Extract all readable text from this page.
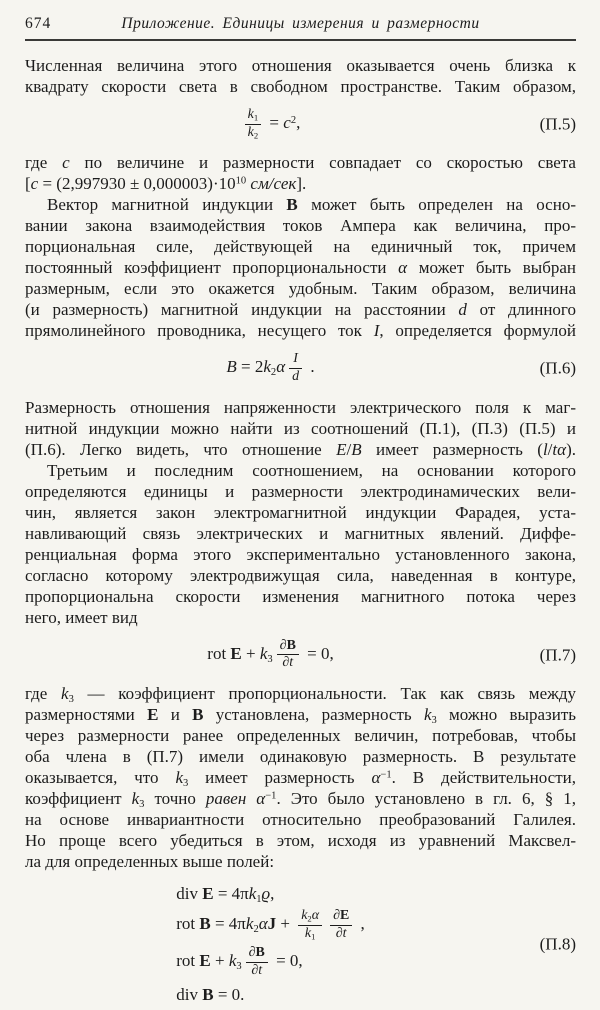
674	Приложение. Единицы измерения и размерности
Численная величина этого отношения оказывается очень близка к
квадрату скорости света в свободном пространстве. Таким образом,
$\frac{k_1}{k_2} = c^2$,	(П.5)
где c по величине и размерности совпадает со скоростью света
[$c = (2,997930 \pm 0,000003)\cdot 10^{10}$ см/сек].
Вектор магнитной индукции B может быть определен на осно-
вании закона взаимодействия токов Ампера как величина, про-
порциональная силе, действующей на единичный ток, причем
постоянный коэффициент пропорциональности α может быть выбран
размерным, если это окажется удобным. Таким образом, величина
(и размерность) магнитной индукции на расстоянии d от длинного
прямолинейного проводника, несущего ток I, определяется формулой
$B = 2k_2\alpha \frac{I}{d}$ .	(П.6)
Размерность отношения напряженности электрического поля к маг-
нитной индукции можно найти из соотношений (П.1), (П.3) (П.5) и
(П.6). Легко видеть, что отношение E/B имеет размерность (l/tα).
Третьим и последним соотношением, на основании которого
определяются единицы и размерности электродинамических вели-
чин, является закон электромагнитной индукции Фарадея, уста-
навливающий связь электрических и магнитных явлений. Диффе-
ренциальная форма этого экспериментально установленного закона,
согласно которому электродвижущая сила, наведенная в контуре,
пропорциональна скорости изменения магнитного потока через
него, имеет вид
rot $E + k_3 \frac{\partial B}{\partial t} = 0$,	(П.7)
где $k_3$ — коэффициент пропорциональности. Так как связь между
размерностями E и B установлена, размерность $k_3$ можно выразить
через размерности ранее определенных величин, потребовав, чтобы
оба члена в (П.7) имели одинаковую размерность. В результате
оказывается, что $k_3$ имеет размерность $\alpha^{-1}$. В действительности,
коэффициент $k_3$ точно равен $\alpha^{-1}$. Это было установлено в гл. 6, § 1,
на основе инвариантности относительно преобразований Галилея.
Но проще всего убедиться в этом, исходя из уравнений Максвел-
ла для определенных выше полей:
div $E = 4\pi k_1ϱ$,
rot $B = 4\pi k_2\alpha J + \frac{k_2\alpha}{k_1} \frac{\partial E}{\partial t}$ ,
rot $E + k_3 \frac{\partial B}{\partial t} = 0$,
div B = 0.
(П.8)
